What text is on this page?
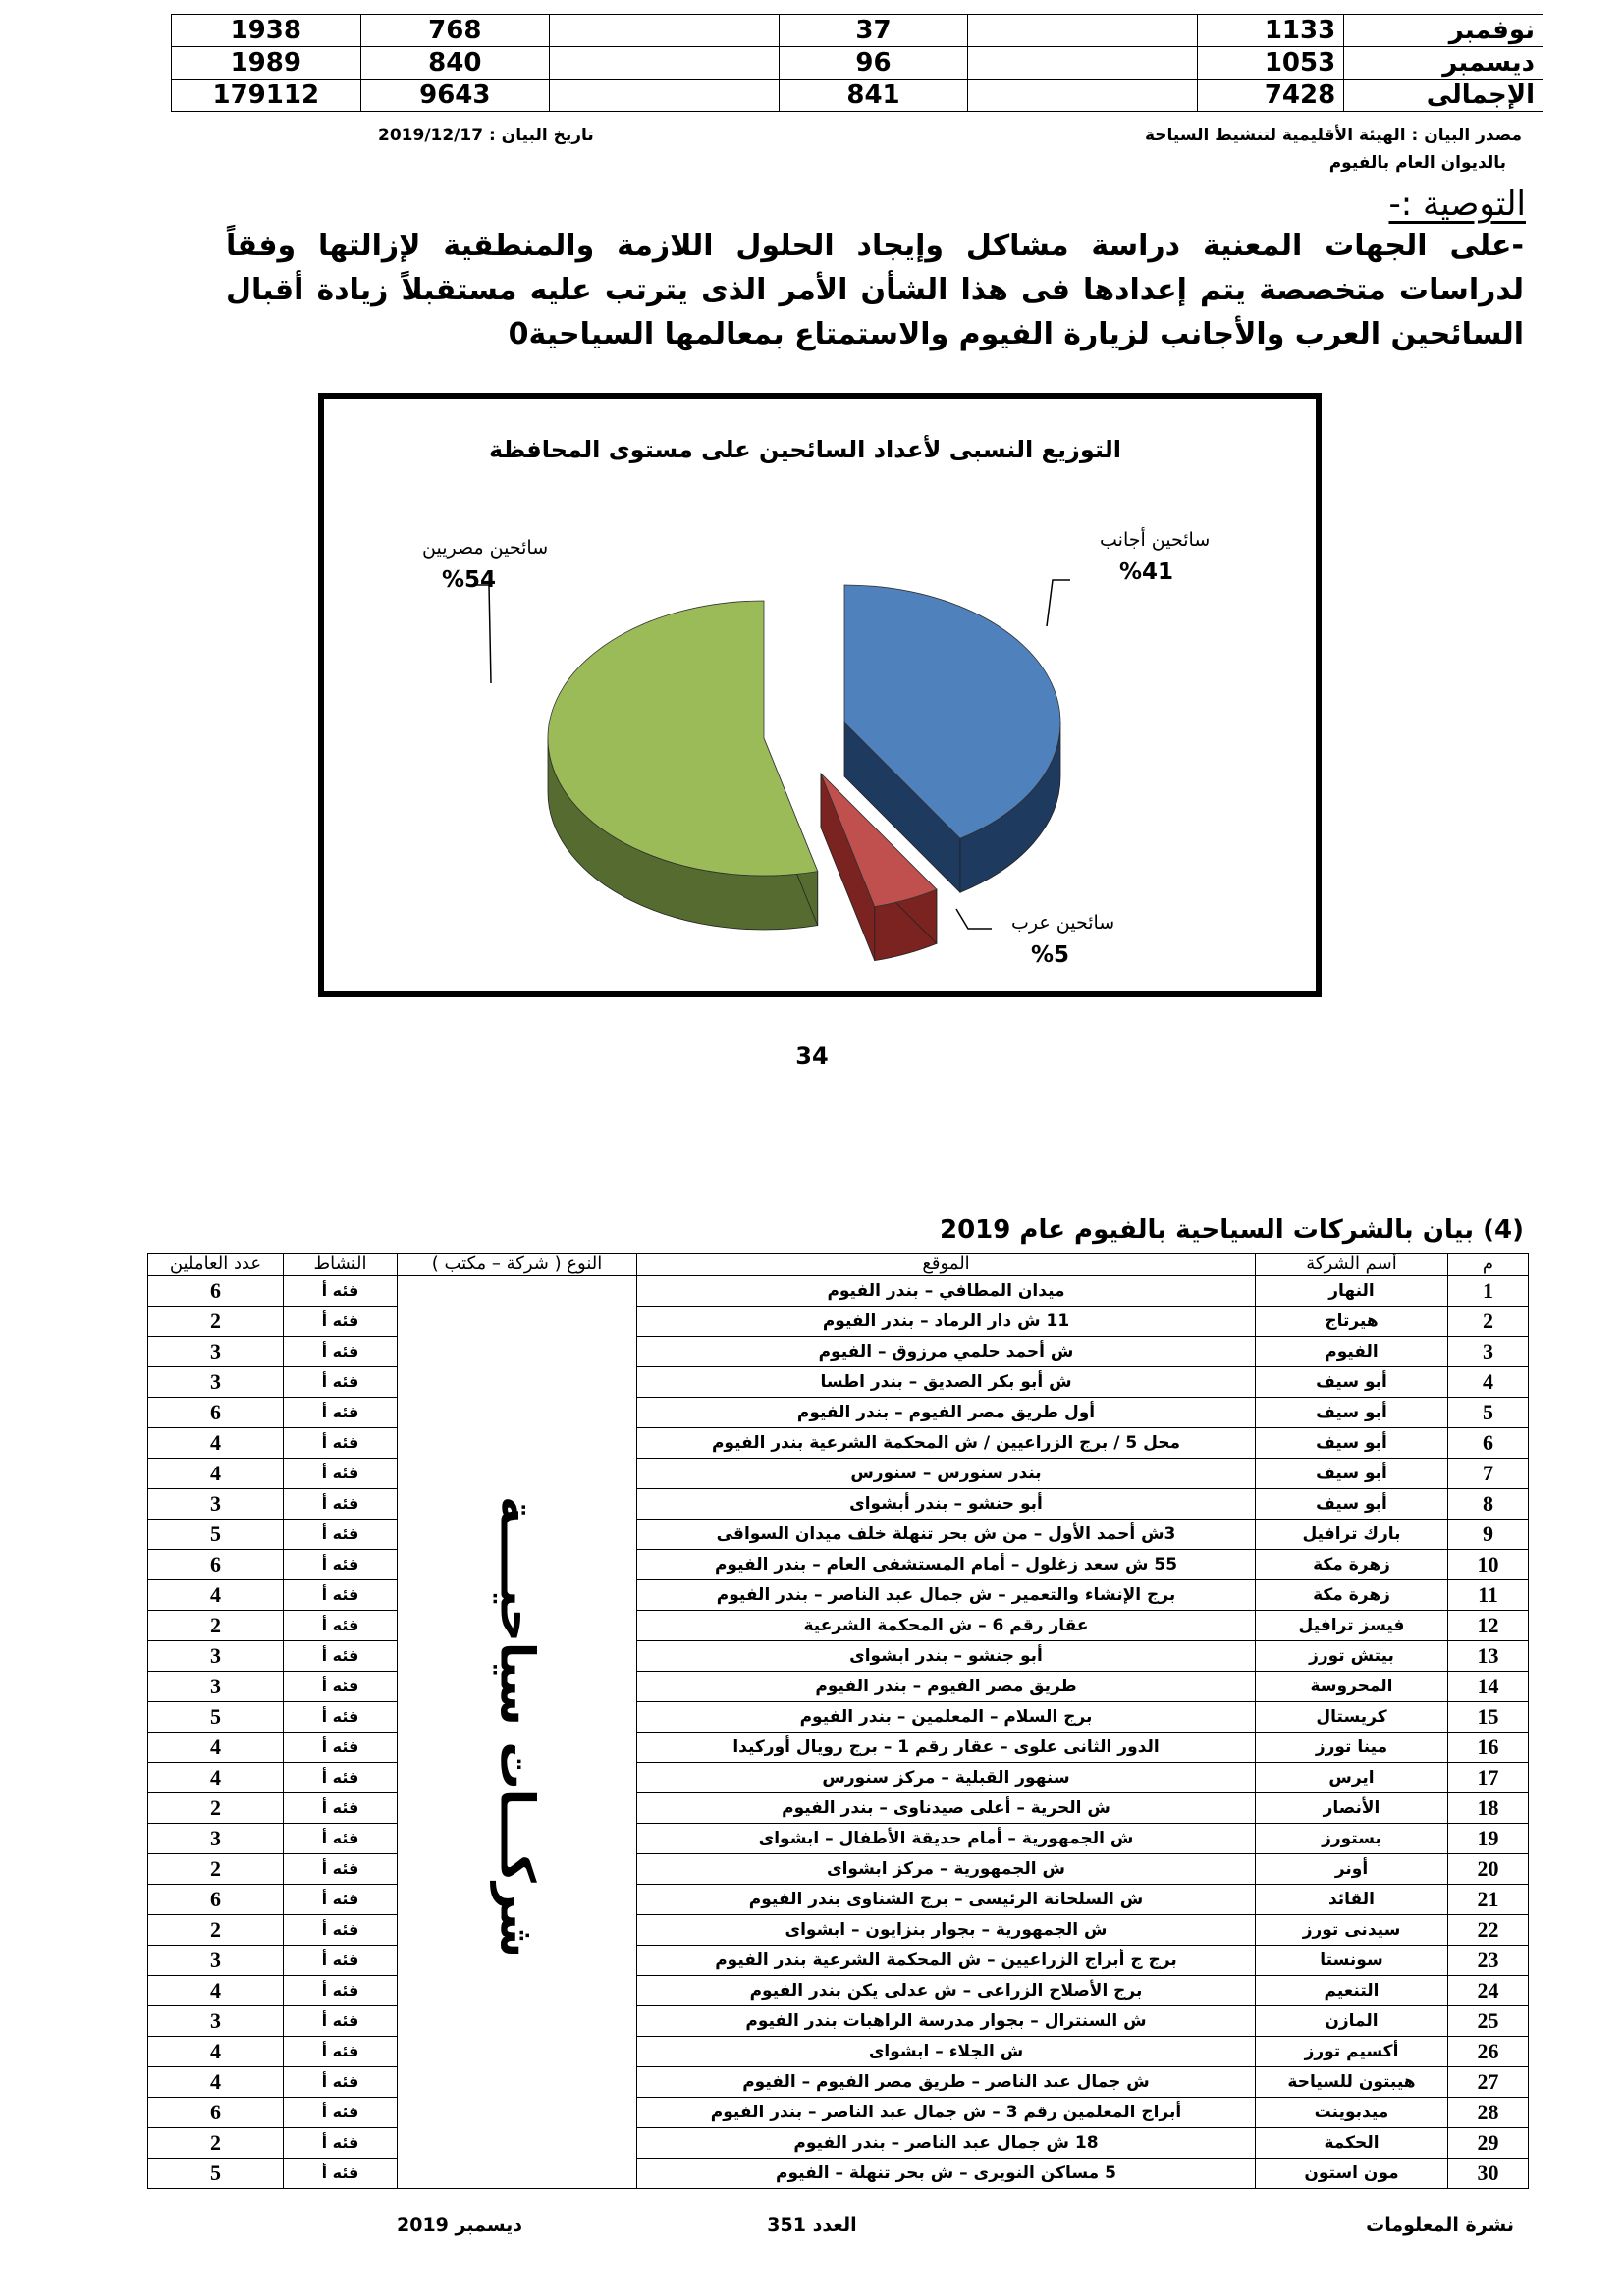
نوفمبر	1133		37		768	1938
ديسمبر	1053		96		840	1989
الإجمالى	7428		841		9643	179112
مصدر البيان : الهيئة الأقليمية لتنشيط السياحة
بالديوان العام بالفيوم
تاريخ البيان : 2019/12/17
التوصية :-
-على الجهات المعنية دراسة مشاكل وإيجاد الحلول اللازمة والمنطقية لإزالتها وفقاً لدراسات متخصصة يتم إعدادها فى هذا الشأن الأمر الذى يترتب عليه مستقبلاً زيادة أقبال السائحين العرب والأجانب لزيارة الفيوم والاستمتاع بمعالمها السياحية0
التوزيع النسبى لأعداد السائحين على مستوى المحافظة
سائحين أجانب
%41
سائحين عرب
%5
سائحين مصريين
%54
34
(4) بيان بالشركات السياحية بالفيوم عام 2019
م	أسم الشركة	الموقع	النوع ( شركة – مكتب )	النشاط	عدد العاملين
1	النهار	ميدان المطافي – بندر الفيوم	شركـــات سياحيــــة	فئه أ	6
2	هيرتاج	11 ش دار الرماد – بندر الفيوم		فئه أ	2
3	الفيوم	ش أحمد حلمي مرزوق – الفيوم		فئه أ	3
4	أبو سيف	ش أبو بكر الصديق – بندر اطسا		فئه أ	3
5	أبو سيف	أول طريق مصر الفيوم – بندر الفيوم		فئه أ	6
6	أبو سيف	محل 5 / برج الزراعيين / ش المحكمة الشرعية بندر الفيوم		فئه أ	4
7	أبو سيف	بندر سنورس – سنورس		فئه أ	4
8	أبو سيف	أبو حنشو – بندر أبشواى		فئه أ	3
9	بارك ترافيل	3ش أحمد الأول – من ش بحر تنهلة خلف ميدان السواقى		فئه أ	5
10	زهرة مكة	55 ش سعد زغلول – أمام المستشفى العام – بندر الفيوم		فئه أ	6
11	زهرة مكة	برج الإنشاء والتعمير – ش جمال عبد الناصر – بندر الفيوم		فئه أ	4
12	فيسز ترافيل	عقار رقم 6 – ش المحكمة الشرعية		فئه أ	2
13	بيتش تورز	أبو جنشو – بندر ابشواى		فئه أ	3
14	المحروسة	طريق مصر الفيوم – بندر الفيوم		فئه أ	3
15	كريستال	برج السلام – المعلمين – بندر الفيوم		فئه أ	5
16	مينا تورز	الدور الثانى علوى – عقار رقم 1 – برج رويال أوركيدا		فئه أ	4
17	ايرس	سنهور القبلية – مركز سنورس		فئه أ	4
18	الأنصار	ش الحرية – أعلى صيدناوى – بندر الفيوم		فئه أ	2
19	بستورز	ش الجمهورية – أمام حديقة الأطفال – ابشواى		فئه أ	3
20	أونر	ش الجمهورية – مركز ابشواى		فئه أ	2
21	القائد	ش السلخانة الرئيسى – برج الشناوى بندر الفيوم		فئه أ	6
22	سيدنى تورز	ش الجمهورية – بجوار بنزايون – ابشواى		فئه أ	2
23	سونستا	برج ج أبراج الزراعيين – ش المحكمة الشرعية بندر الفيوم		فئه أ	3
24	التنعيم	برج الأصلاح الزراعى – ش عدلى يكن بندر الفيوم		فئه أ	4
25	المازن	ش السنترال – بجوار مدرسة الراهبات بندر الفيوم		فئه أ	3
26	أكسيم تورز	ش الجلاء – ابشواى		فئه أ	4
27	هيبتون للسياحة	ش جمال عبد الناصر – طريق مصر الفيوم – الفيوم		فئه أ	4
28	ميدبوينت	أبراج المعلمين رقم 3 – ش جمال عبد الناصر – بندر الفيوم		فئه أ	6
29	الحكمة	18 ش جمال عبد الناصر – بندر الفيوم		فئه أ	2
30	مون استون	5 مساكن النويرى – ش بحر تنهلة – الفيوم		فئه أ	5
نشرة المعلومات
العدد 351
ديسمبر 2019
